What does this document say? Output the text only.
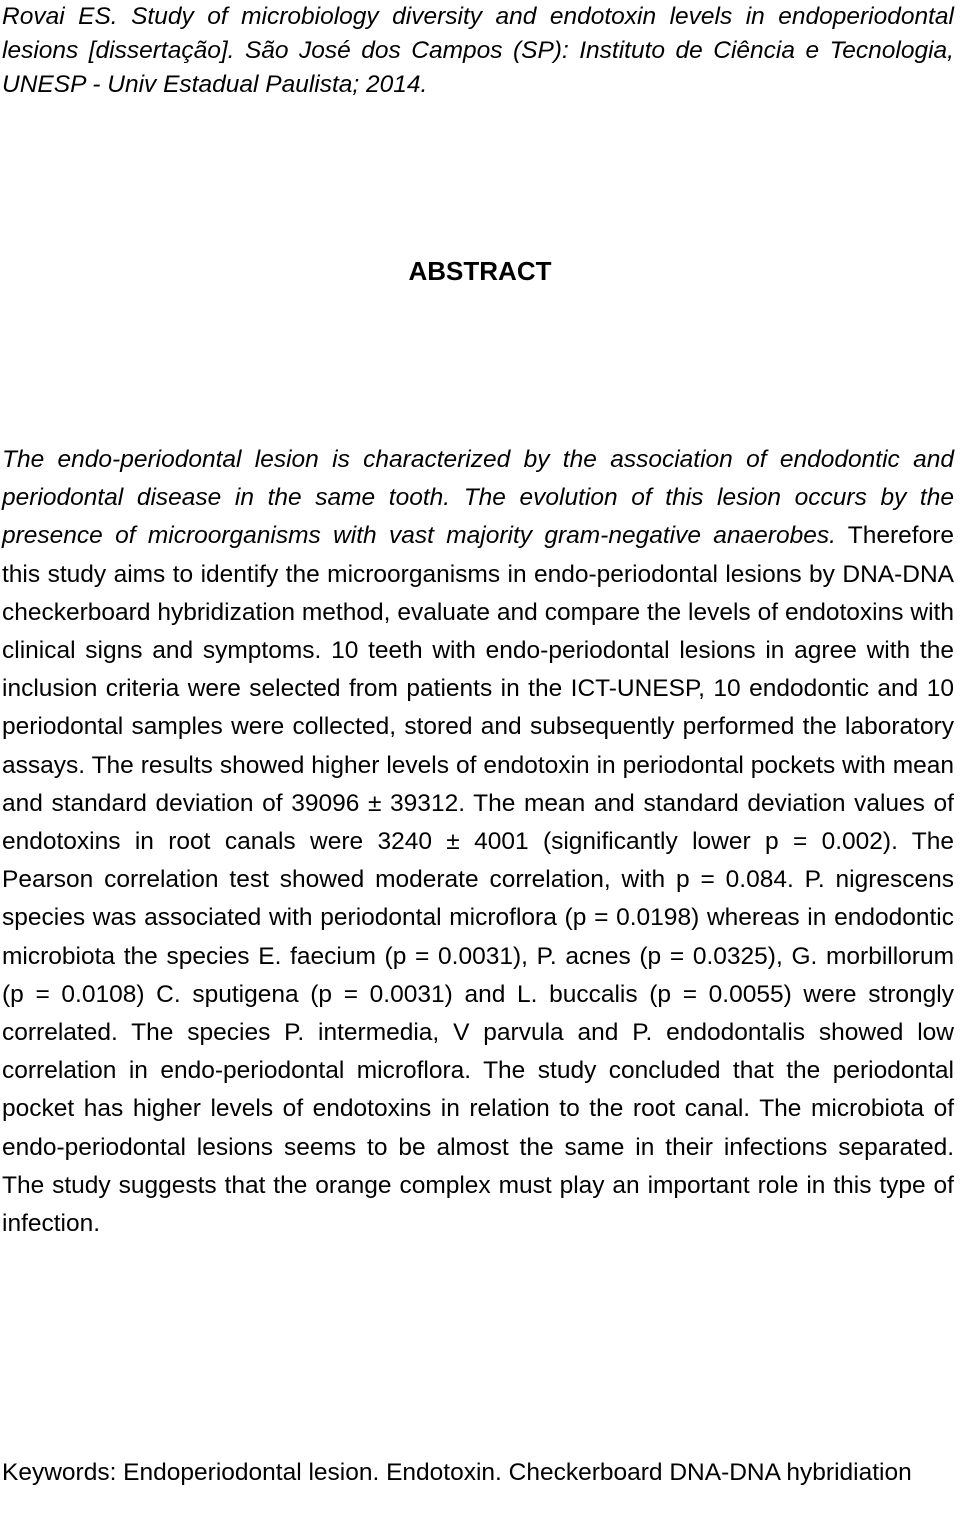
Rovai ES. Study of microbiology diversity and endotoxin levels in endoperiodontal lesions [dissertação]. São José dos Campos (SP): Instituto de Ciência e Tecnologia, UNESP - Univ Estadual Paulista; 2014.
ABSTRACT

The endo-periodontal lesion is characterized by the association of endodontic and periodontal disease in the same tooth. The evolution of this lesion occurs by the presence of microorganisms with vast majority gram-negative anaerobes. Therefore this study aims to identify the microorganisms in endo-periodontal lesions by DNA-DNA checkerboard hybridization method, evaluate and compare the levels of endotoxins with clinical signs and symptoms. 10 teeth with endo-periodontal lesions in agree with the inclusion criteria were selected from patients in the ICT-UNESP, 10 endodontic and 10 periodontal samples were collected, stored and subsequently performed the laboratory assays. The results showed higher levels of endotoxin in periodontal pockets with mean and standard deviation of 39096 ± 39312. The mean and standard deviation values of endotoxins in root canals were 3240 ± 4001 (significantly lower p = 0.002). The Pearson correlation test showed moderate correlation, with p = 0.084. P. nigrescens species was associated with periodontal microflora (p = 0.0198) whereas in endodontic microbiota the species E. faecium (p = 0.0031), P. acnes (p = 0.0325), G. morbillorum (p = 0.0108) C. sputigena (p = 0.0031) and L. buccalis (p = 0.0055) were strongly correlated. The species P. intermedia, V parvula and P. endodontalis showed low correlation in endo-periodontal microflora. The study concluded that the periodontal pocket has higher levels of endotoxins in relation to the root canal. The microbiota of endo-periodontal lesions seems to be almost the same in their infections separated. The study suggests that the orange complex must play an important role in this type of infection.

Keywords: Endoperiodontal lesion. Endotoxin. Checkerboard DNA-DNA hybridiation
